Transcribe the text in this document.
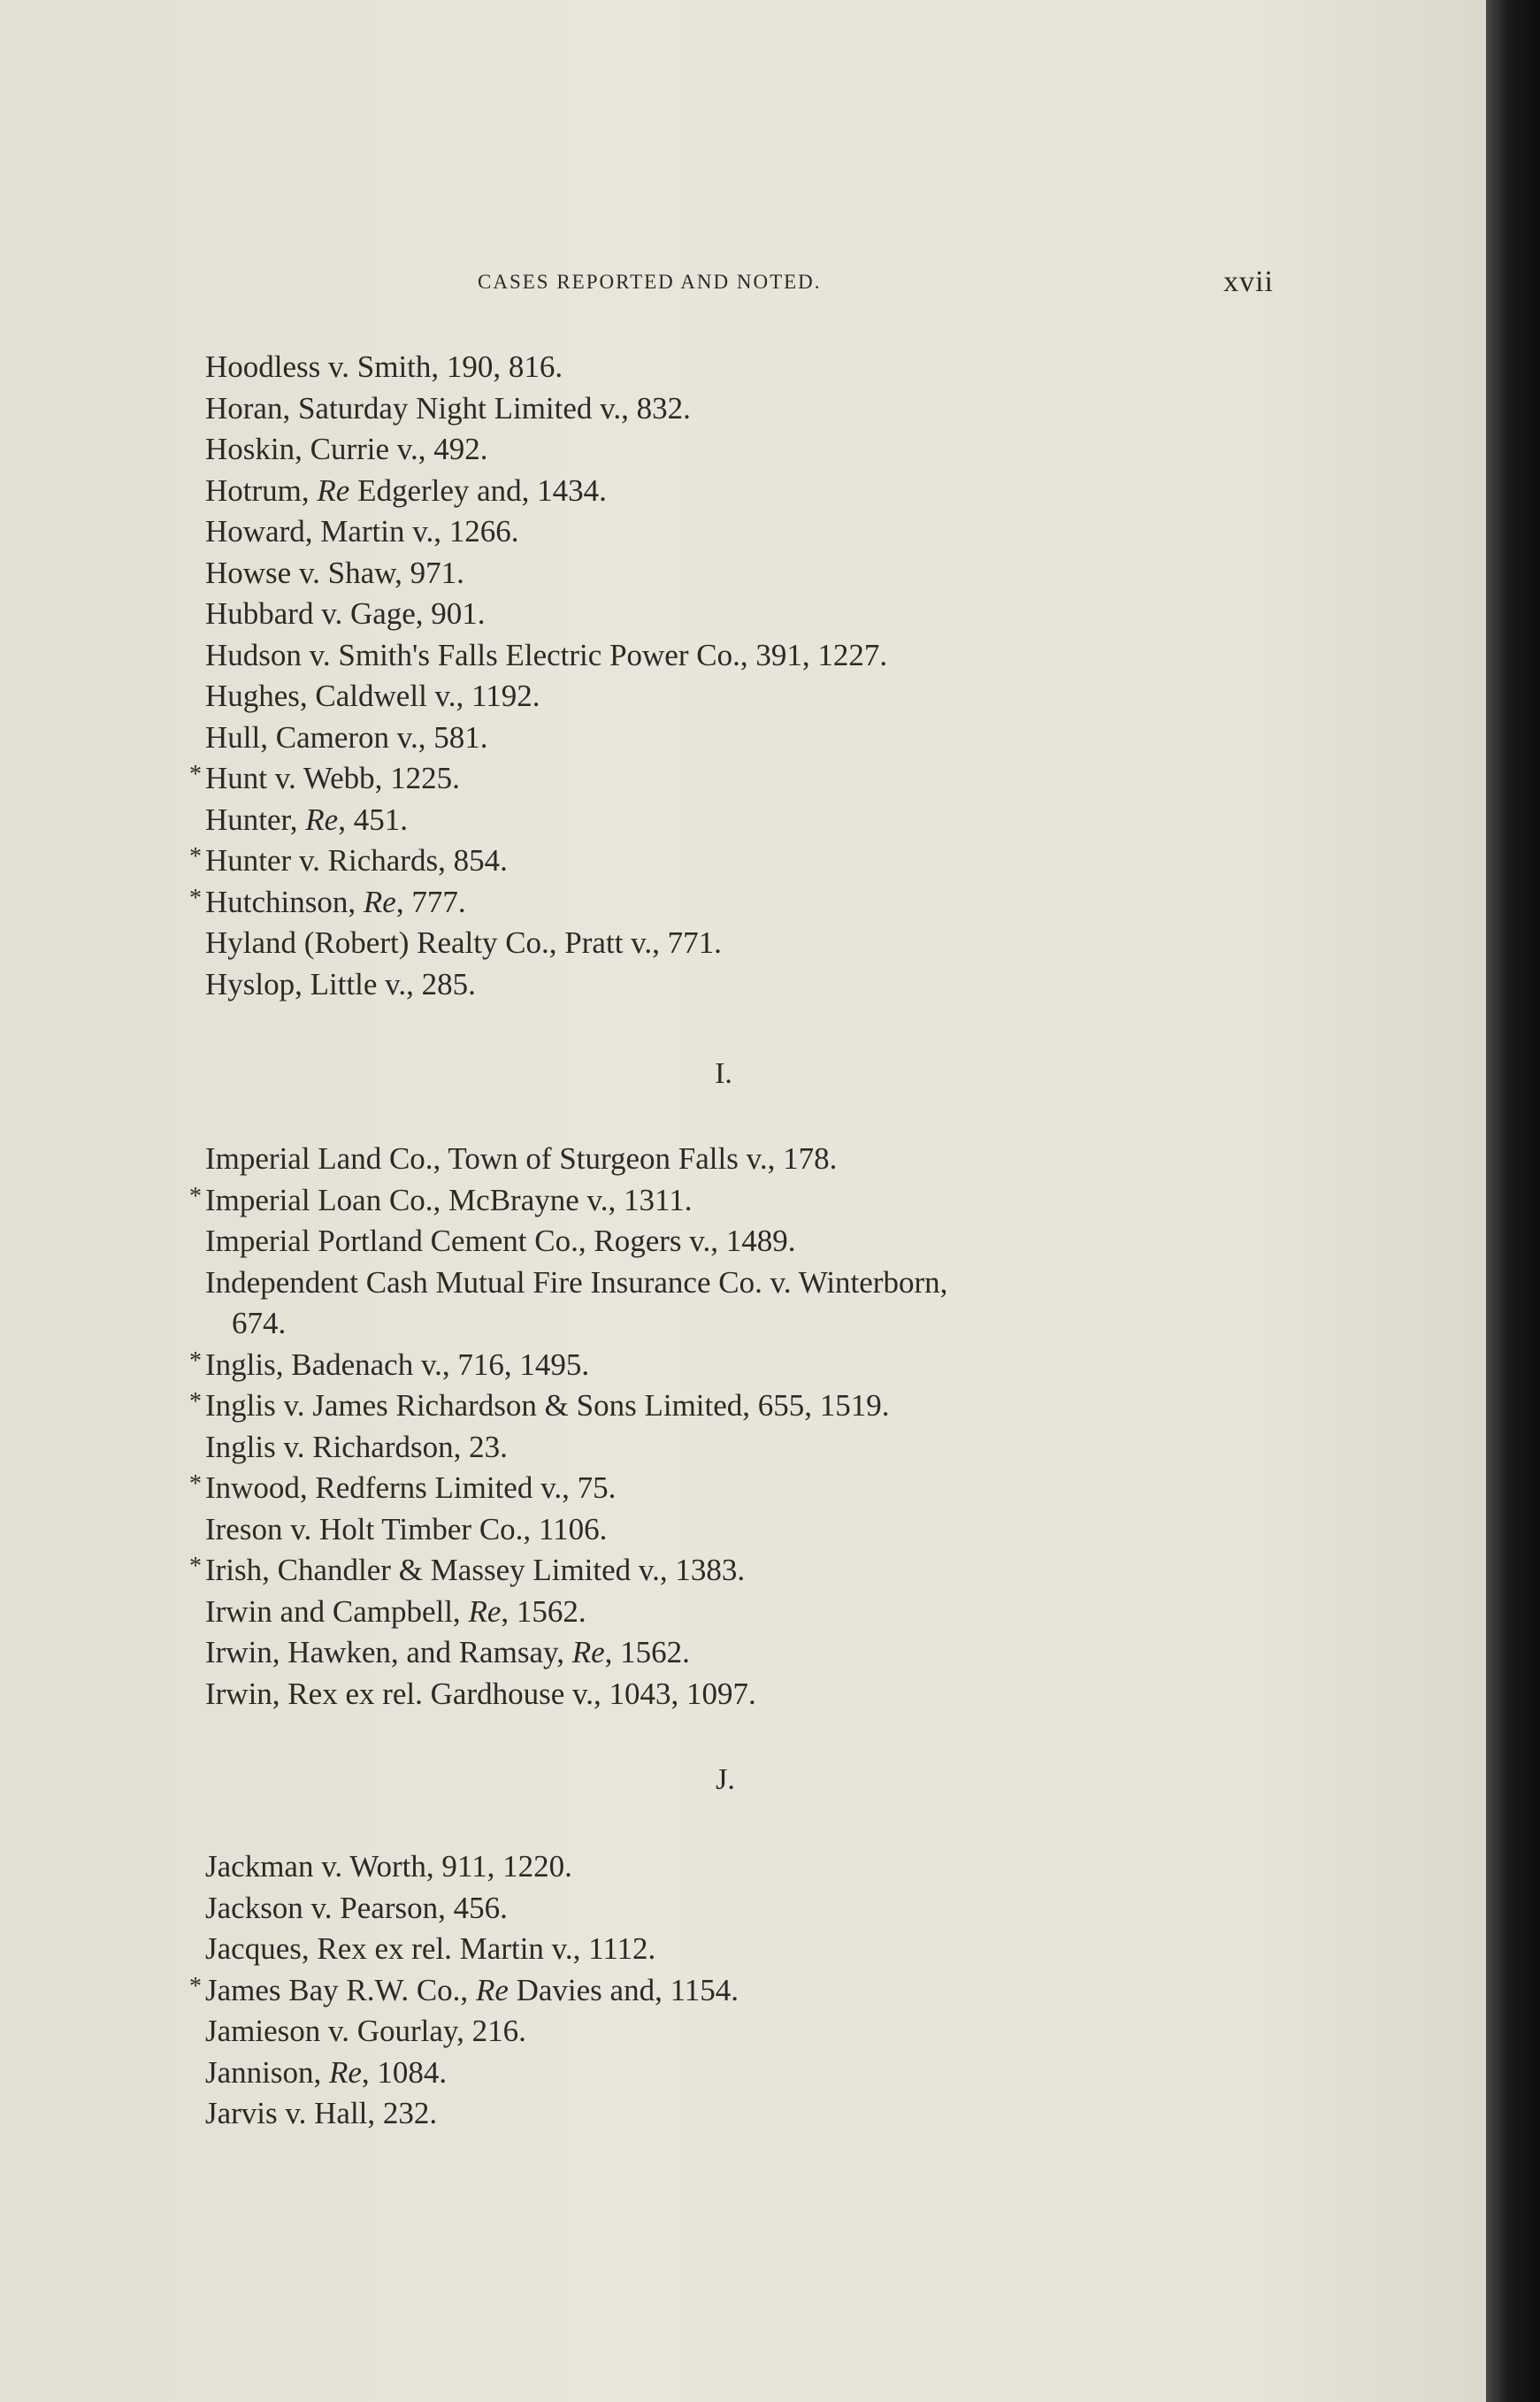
CASES REPORTED AND NOTED.	xvii
Hoodless v. Smith, 190, 816.
Horan, Saturday Night Limited v., 832.
Hoskin, Currie v., 492.
Hotrum, Re Edgerley and, 1434.
Howard, Martin v., 1266.
Howse v. Shaw, 971.
Hubbard v. Gage, 901.
Hudson v. Smith's Falls Electric Power Co., 391, 1227.
Hughes, Caldwell v., 1192.
Hull, Cameron v., 581.
* Hunt v. Webb, 1225.
Hunter, Re, 451.
* Hunter v. Richards, 854.
* Hutchinson, Re, 777.
Hyland (Robert) Realty Co., Pratt v., 771.
Hyslop, Little v., 285.
Imperial Land Co., Town of Sturgeon Falls v., 178.
* Imperial Loan Co., McBrayne v., 1311.
Imperial Portland Cement Co., Rogers v., 1489.
Independent Cash Mutual Fire Insurance Co. v. Winterborn,
674.
* Inglis, Badenach v., 716, 1495.
* Inglis v. James Richardson & Sons Limited, 655, 1519.
Inglis v. Richardson, 23.
* Inwood, Redferns Limited v., 75.
Ireson v. Holt Timber Co., 1106.
* Irish, Chandler & Massey Limited v., 1383.
Irwin and Campbell, Re, 1562.
Irwin, Hawken, and Ramsay, Re, 1562.
Irwin, Rex ex rel. Gardhouse v., 1043, 1097.
Jackman v. Worth, 911, 1220.
Jackson v. Pearson, 456.
Jacques, Rex ex rel. Martin v., 1112.
* James Bay R.W. Co., Re Davies and, 1154.
Jamieson v. Gourlay, 216.
Jannison, Re, 1084.
Jarvis v. Hall, 232.
I.
J.
